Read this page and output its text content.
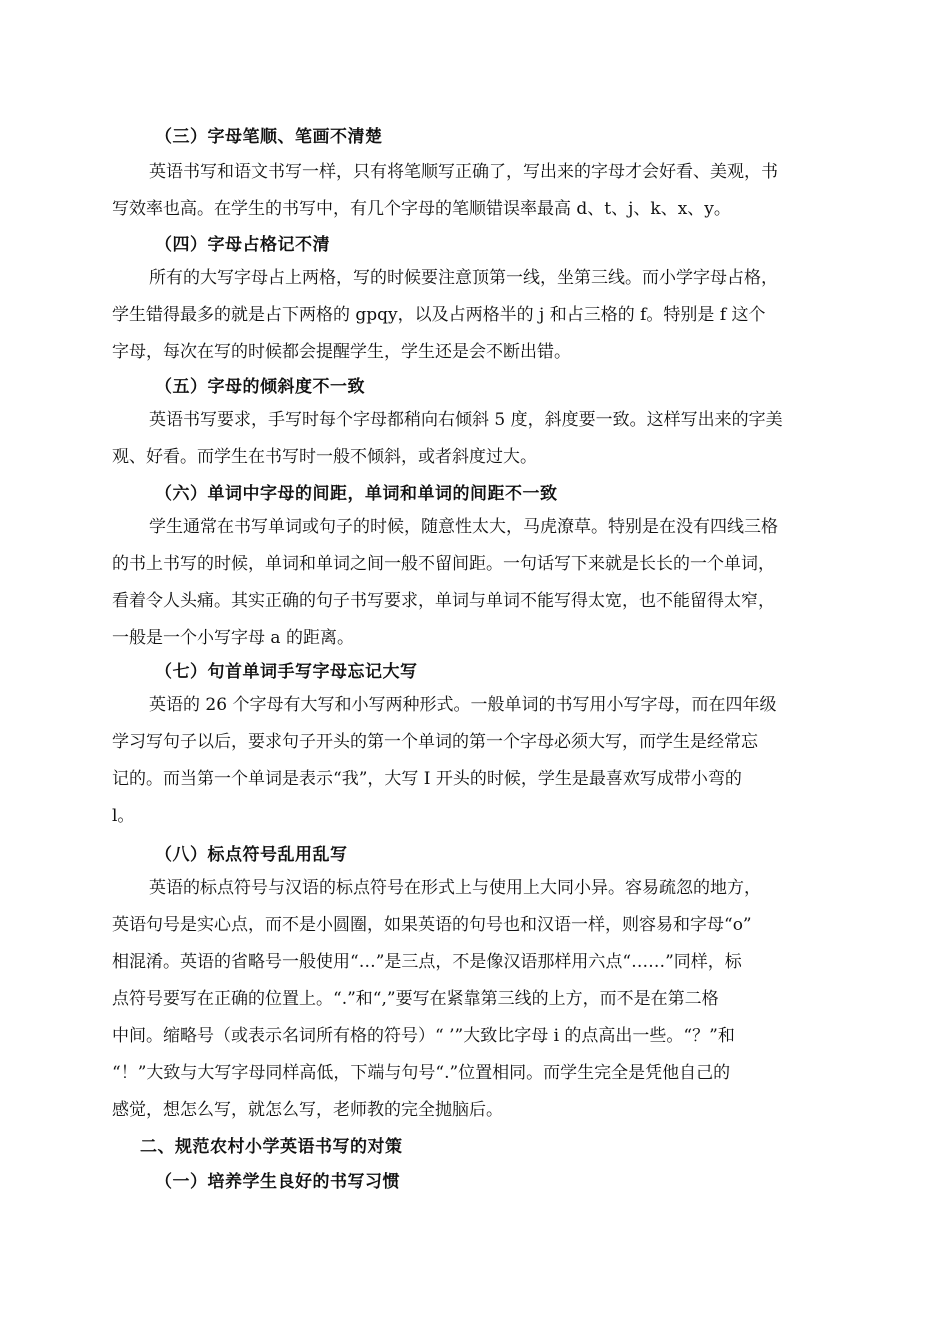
（三）字母笔顺、笔画不清楚
英语书写和语文书写一样，只有将笔顺写正确了，写出来的字母才会好看、美观，书
写效率也高。在学生的书写中，有几个字母的笔顺错误率最高 d、t、j、k、x、y。
（四）字母占格记不清
所有的大写字母占上两格，写的时候要注意顶第一线，坐第三线。而小学字母占格，
学生错得最多的就是占下两格的 gpqy，以及占两格半的 j 和占三格的 f。特别是 f 这个
字母，每次在写的时候都会提醒学生，学生还是会不断出错。
（五）字母的倾斜度不一致
英语书写要求，手写时每个字母都稍向右倾斜 5 度，斜度要一致。这样写出来的字美
观、好看。而学生在书写时一般不倾斜，或者斜度过大。
（六）单词中字母的间距，单词和单词的间距不一致
学生通常在书写单词或句子的时候，随意性太大，马虎潦草。特别是在没有四线三格
的书上书写的时候，单词和单词之间一般不留间距。一句话写下来就是长长的一个单词，
看着令人头痛。其实正确的句子书写要求，单词与单词不能写得太宽，也不能留得太窄，
一般是一个小写字母 a 的距离。
（七）句首单词手写字母忘记大写
英语的 26 个字母有大写和小写两种形式。一般单词的书写用小写字母，而在四年级
学习写句子以后，要求句子开头的第一个单词的第一个字母必须大写，而学生是经常忘
记的。而当第一个单词是表示“我”，大写 I 开头的时候，学生是最喜欢写成带小弯的
l。
（八）标点符号乱用乱写
英语的标点符号与汉语的标点符号在形式上与使用上大同小异。容易疏忽的地方，
英语句号是实心点，而不是小圆圈，如果英语的句号也和汉语一样，则容易和字母“o”
相混淆。英语的省略号一般使用“…”是三点，不是像汉语那样用六点“……”同样，标
点符号要写在正确的位置上。“.”和“,”要写在紧靠第三线的上方，而不是在第二格
中间。缩略号（或表示名词所有格的符号）“ ’”大致比字母 i 的点高出一些。“？”和
“！”大致与大写字母同样高低，下端与句号“.”位置相同。而学生完全是凭他自己的
感觉，想怎么写，就怎么写，老师教的完全抛脑后。
二、规范农村小学英语书写的对策
（一）培养学生良好的书写习惯
